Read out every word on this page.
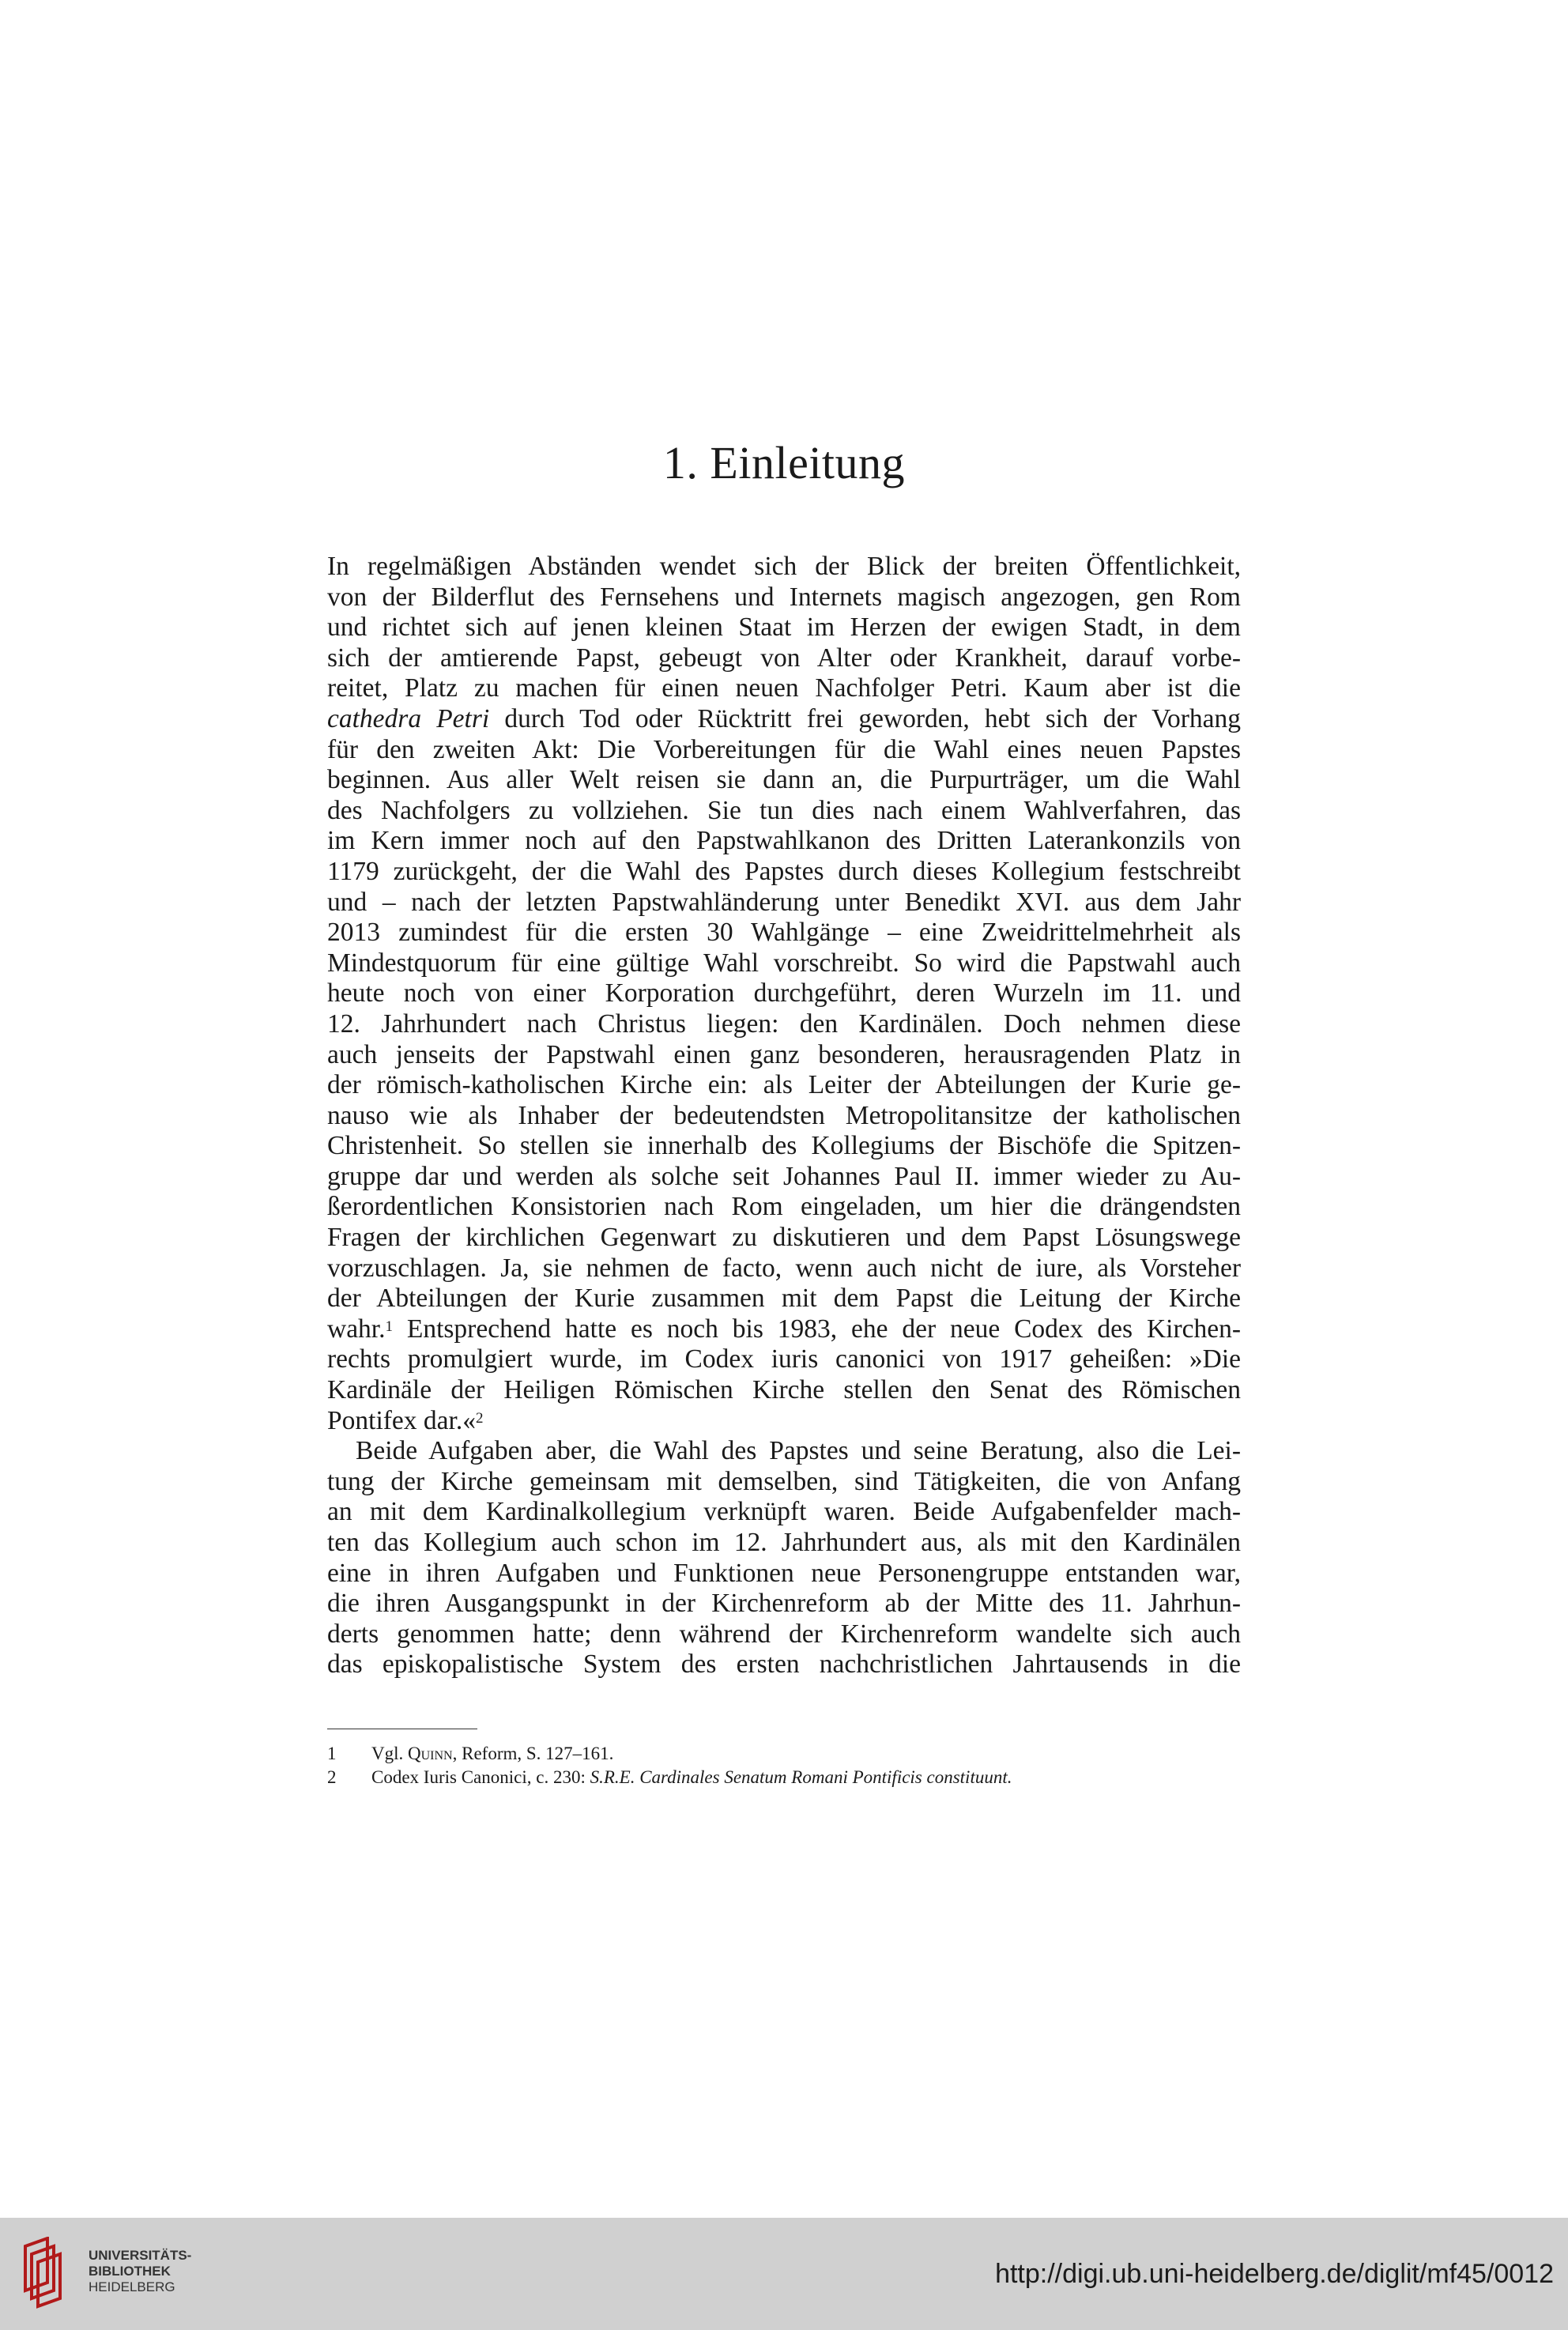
1. Einleitung
In regelmäßigen Abständen wendet sich der Blick der breiten Öffentlichkeit,
von der Bilderflut des Fernsehens und Internets magisch angezogen, gen Rom
und richtet sich auf jenen kleinen Staat im Herzen der ewigen Stadt, in dem
sich der amtierende Papst, gebeugt von Alter oder Krankheit, darauf vorbe-
reitet, Platz zu machen für einen neuen Nachfolger Petri. Kaum aber ist die
cathedra Petri durch Tod oder Rücktritt frei geworden, hebt sich der Vorhang
für den zweiten Akt: Die Vorbereitungen für die Wahl eines neuen Papstes
beginnen. Aus aller Welt reisen sie dann an, die Purpurträger, um die Wahl
des Nachfolgers zu vollziehen. Sie tun dies nach einem Wahlverfahren, das
im Kern immer noch auf den Papstwahlkanon des Dritten Laterankonzils von
1179 zurückgeht, der die Wahl des Papstes durch dieses Kollegium festschreibt
und – nach der letzten Papstwahländerung unter Benedikt XVI. aus dem Jahr
2013 zumindest für die ersten 30 Wahlgänge – eine Zweidrittelmehrheit als
Mindestquorum für eine gültige Wahl vorschreibt. So wird die Papstwahl auch
heute noch von einer Korporation durchgeführt, deren Wurzeln im 11. und
12. Jahrhundert nach Christus liegen: den Kardinälen. Doch nehmen diese
auch jenseits der Papstwahl einen ganz besonderen, herausragenden Platz in
der römisch-katholischen Kirche ein: als Leiter der Abteilungen der Kurie ge-
nauso wie als Inhaber der bedeutendsten Metropolitansitze der katholischen
Christenheit. So stellen sie innerhalb des Kollegiums der Bischöfe die Spitzen-
gruppe dar und werden als solche seit Johannes Paul II. immer wieder zu Au-
ßerordentlichen Konsistorien nach Rom eingeladen, um hier die drängendsten
Fragen der kirchlichen Gegenwart zu diskutieren und dem Papst Lösungswege
vorzuschlagen. Ja, sie nehmen de facto, wenn auch nicht de iure, als Vorsteher
der Abteilungen der Kurie zusammen mit dem Papst die Leitung der Kirche
wahr.$^1$ Entsprechend hatte es noch bis 1983, ehe der neue Codex des Kirchen-
rechts promulgiert wurde, im Codex iuris canonici von 1917 geheißen: »Die
Kardinäle der Heiligen Römischen Kirche stellen den Senat des Römischen
Pontifex dar.«$^2$
Beide Aufgaben aber, die Wahl des Papstes und seine Beratung, also die Lei-
tung der Kirche gemeinsam mit demselben, sind Tätigkeiten, die von Anfang
an mit dem Kardinalkollegium verknüpft waren. Beide Aufgabenfelder mach-
ten das Kollegium auch schon im 12. Jahrhundert aus, als mit den Kardinälen
eine in ihren Aufgaben und Funktionen neue Personengruppe entstanden war,
die ihren Ausgangspunkt in der Kirchenreform ab der Mitte des 11. Jahrhun-
derts genommen hatte; denn während der Kirchenreform wandelte sich auch
das episkopalistische System des ersten nachchristlichen Jahrtausends in die
1	Vgl. Quinn, Reform, S. 127–161.
2	Codex Iuris Canonici, c. 230: S.R.E. Cardinales Senatum Romani Pontificis constituunt.
UNIVERSITÄTS-
BIBLIOTHEK
HEIDELBERG	http://digi.ub.uni-heidelberg.de/diglit/mf45/0012
